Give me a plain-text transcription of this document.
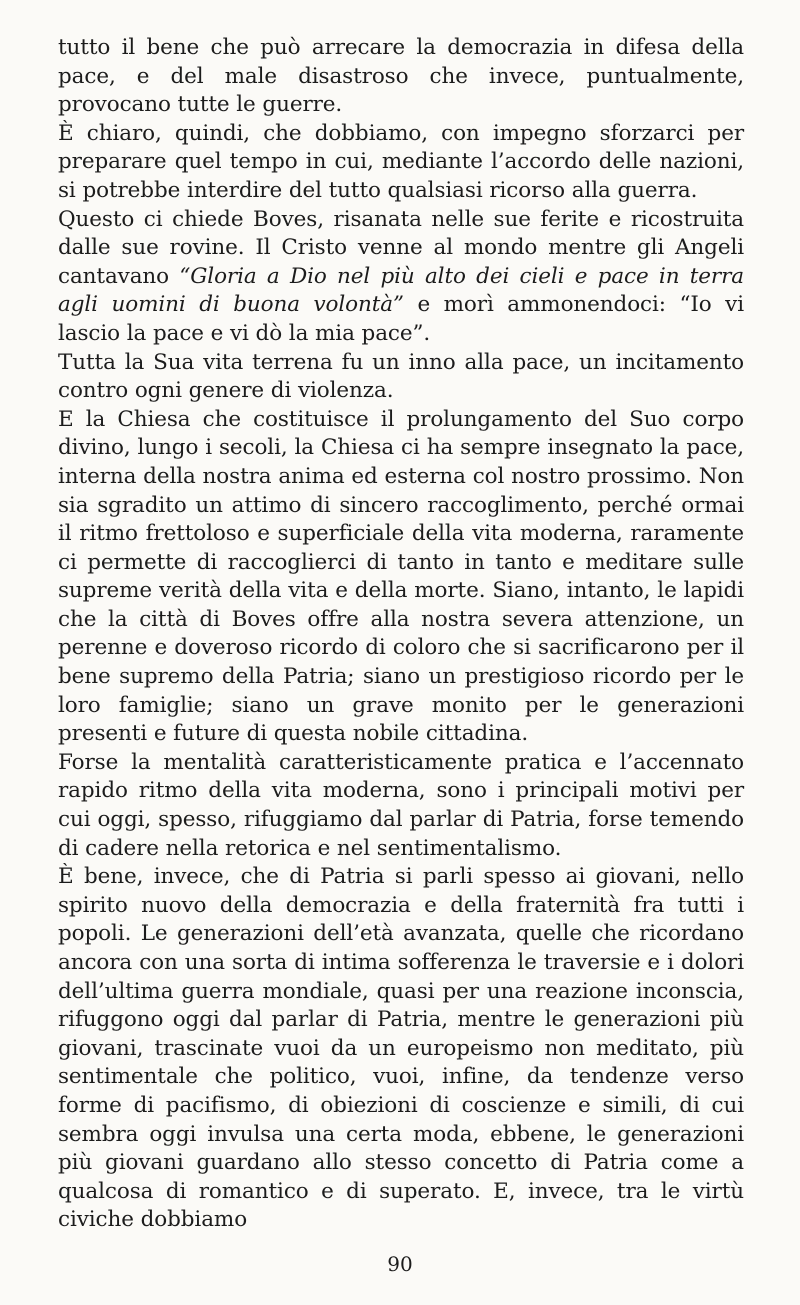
tutto il bene che può arrecare la democrazia in difesa della pace, e del male disastroso che invece, puntualmente, provocano tutte le guerre.

È chiaro, quindi, che dobbiamo, con impegno sforzarci per preparare quel tempo in cui, mediante l’accordo delle nazioni, si potrebbe interdire del tutto qualsiasi ricorso alla guerra.

Questo ci chiede Boves, risanata nelle sue ferite e ricostruita dalle sue rovine. Il Cristo venne al mondo mentre gli Angeli cantavano “Gloria a Dio nel più alto dei cieli e pace in terra agli uomini di buona volontà” e morì ammonendoci: “Io vi lascio la pace e vi dò la mia pace”.

Tutta la Sua vita terrena fu un inno alla pace, un incitamento contro ogni genere di violenza.

E la Chiesa che costituisce il prolungamento del Suo corpo divino, lungo i secoli, la Chiesa ci ha sempre insegnato la pace, interna della nostra anima ed esterna col nostro prossimo. Non sia sgradito un attimo di sincero raccoglimento, perché ormai il ritmo frettoloso e superficiale della vita moderna, raramente ci permette di raccoglierci di tanto in tanto e meditare sulle supreme verità della vita e della morte. Siano, intanto, le lapidi che la città di Boves offre alla nostra severa attenzione, un perenne e doveroso ricordo di coloro che si sacrificarono per il bene supremo della Patria; siano un prestigioso ricordo per le loro famiglie; siano un grave monito per le generazioni presenti e future di questa nobile cittadina.

Forse la mentalità caratteristicamente pratica e l’accennato rapido ritmo della vita moderna, sono i principali motivi per cui oggi, spesso, rifuggiamo dal parlar di Patria, forse temendo di cadere nella retorica e nel sentimentalismo.

È bene, invece, che di Patria si parli spesso ai giovani, nello spirito nuovo della democrazia e della fraternità fra tutti i popoli. Le generazioni dell’età avanzata, quelle che ricordano ancora con una sorta di intima sofferenza le traversie e i dolori dell’ultima guerra mondiale, quasi per una reazione inconscia, rifuggono oggi dal parlar di Patria, mentre le generazioni più giovani, trascinate vuoi da un europeismo non meditato, più sentimentale che politico, vuoi, infine, da tendenze verso forme di pacifismo, di obiezioni di coscienze e simili, di cui sembra oggi invulsa una certa moda, ebbene, le generazioni più giovani guardano allo stesso concetto di Patria come a qualcosa di romantico e di superato. E, invece, tra le virtù civiche dobbiamo

90
